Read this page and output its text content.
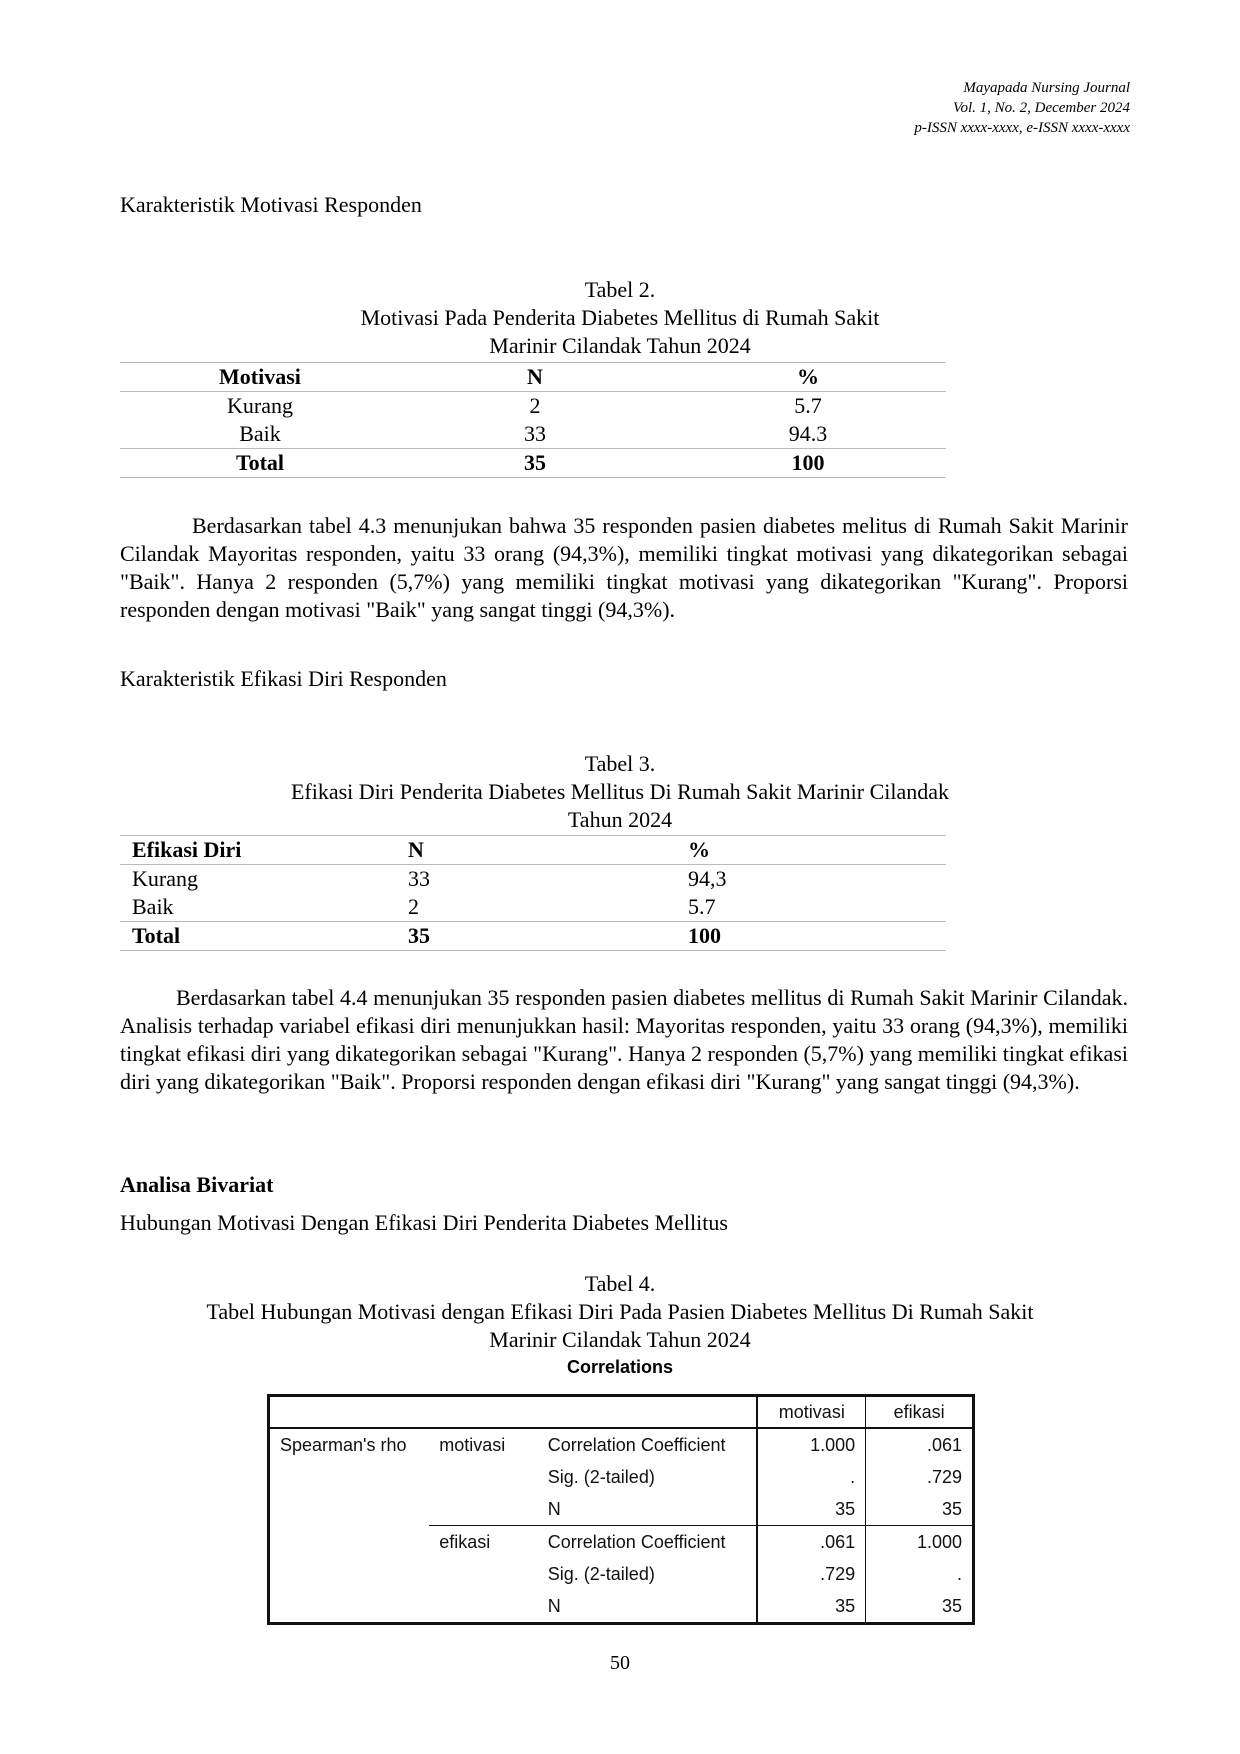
Mayapada Nursing Journal
Vol. 1, No. 2, December 2024
p-ISSN xxxx-xxxx, e-ISSN xxxx-xxxx
Karakteristik Motivasi Responden
Tabel 2.
Motivasi Pada Penderita Diabetes Mellitus di Rumah Sakit
Marinir Cilandak Tahun 2024
Motivasi	N	%
Kurang	2	5.7
Baik	33	94.3
Total	35	100

Berdasarkan tabel 4.3 menunjukan bahwa 35 responden pasien diabetes melitus di Rumah Sakit Marinir Cilandak Mayoritas responden, yaitu 33 orang (94,3%), memiliki tingkat motivasi yang dikategorikan sebagai "Baik". Hanya 2 responden (5,7%) yang memiliki tingkat motivasi yang dikategorikan "Kurang". Proporsi responden dengan motivasi "Baik" yang sangat tinggi (94,3%).

Karakteristik Efikasi Diri Responden
Tabel 3.
Efikasi Diri Penderita Diabetes Mellitus Di Rumah Sakit Marinir Cilandak
Tahun 2024
Efikasi Diri	N	%
Kurang	33	94,3
Baik	2	5.7
Total	35	100

Berdasarkan tabel 4.4 menunjukan 35 responden pasien diabetes mellitus di Rumah Sakit Marinir Cilandak. Analisis terhadap variabel efikasi diri menunjukkan hasil: Mayoritas responden, yaitu 33 orang (94,3%), memiliki tingkat efikasi diri yang dikategorikan sebagai "Kurang". Hanya 2 responden (5,7%) yang memiliki tingkat efikasi diri yang dikategorikan "Baik". Proporsi responden dengan efikasi diri "Kurang" yang sangat tinggi (94,3%).

Analisa Bivariat
Hubungan Motivasi Dengan Efikasi Diri Penderita Diabetes Mellitus
Tabel 4.
Tabel Hubungan Motivasi dengan Efikasi Diri Pada Pasien Diabetes Mellitus Di Rumah Sakit
Marinir Cilandak Tahun 2024
Correlations
			motivasi	efikasi
Spearman's rho	motivasi	Correlation Coefficient	1.000	.061
		Sig. (2-tailed)	.	.729
		N	35	35
	efikasi	Correlation Coefficient	.061	1.000
		Sig. (2-tailed)	.729	.
		N	35	35
50
